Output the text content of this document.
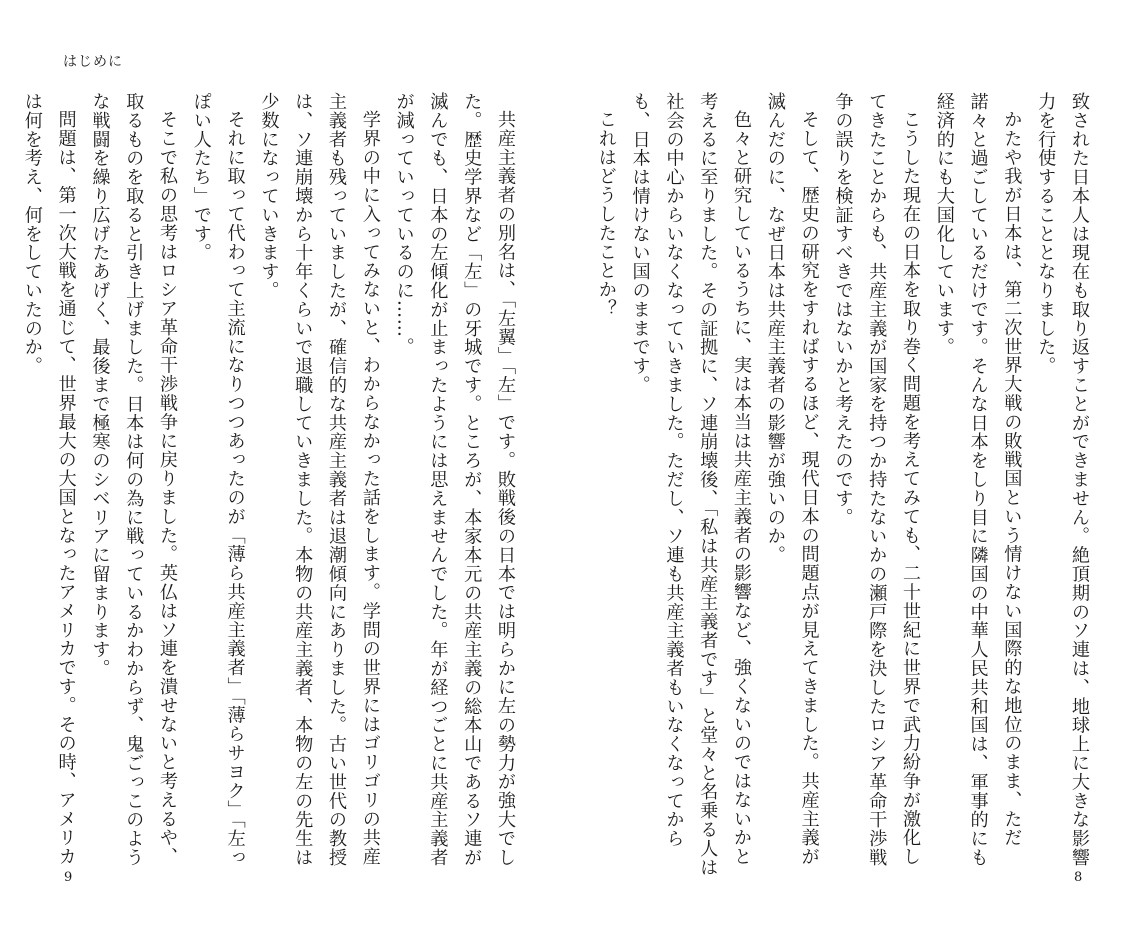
はじめに

致された日本人は現在も取り返すことができません。絶頂期のソ連は、地球上に大きな影響力を行使することとなりました。

かたや我が日本は、第二次世界大戦の敗戦国という情けない国際的な地位のまま、ただ諾々と過ごしているだけです。そんな日本をしり目に隣国の中華人民共和国は、軍事的にも経済的にも大国化しています。

こうした現在の日本を取り巻く問題を考えてみても、二十世紀に世界で武力紛争が激化してきたことからも、共産主義が国家を持つか持たないかの瀬戸際を決したロシア革命干渉戦争の誤りを検証すべきではないかと考えたのです。

そして、歴史の研究をすればするほど、現代日本の問題点が見えてきました。共産主義が滅んだのに、なぜ日本は共産主義者の影響が強いのか。

色々と研究しているうちに、実は本当は共産主義者の影響など、強くないのではないかと考えるに至りました。その証拠に、ソ連崩壊後、「私は共産主義者です」と堂々と名乗る人は社会の中心からいなくなっていきました。ただし、ソ連も共産主義者もいなくなってからも、日本は情けない国のままです。

これはどうしたことか？

共産主義者の別名は、「左翼」「左」です。敗戦後の日本では明らかに左の勢力が強大でした。歴史学界など「左」の牙城です。ところが、本家本元の共産主義の総本山であるソ連が滅んでも、日本の左傾化が止まったようには思えませんでした。年が経つごとに共産主義者が減っていっているのに……。

学界の中に入ってみないと、わからなかった話をします。学問の世界にはゴリゴリの共産主義者も残っていましたが、確信的な共産主義者は退潮傾向にありました。古い世代の教授は、ソ連崩壊から十年くらいで退職していきました。本物の共産主義者、本物の左の先生は少数になっていきます。

それに取って代わって主流になりつつあったのが「薄ら共産主義者」「薄らサヨク」「左っぽい人たち」です。

そこで私の思考はロシア革命干渉戦争に戻りました。英仏はソ連を潰せないと考えるや、取るものを取ると引き上げました。日本は何の為に戦っているかわからず、鬼ごっこのような戦闘を繰り広げたあげく、最後まで極寒のシベリアに留まります。

問題は、第一次大戦を通じて、世界最大の大国となったアメリカです。その時、アメリカは何を考え、何をしていたのか。

9	8
